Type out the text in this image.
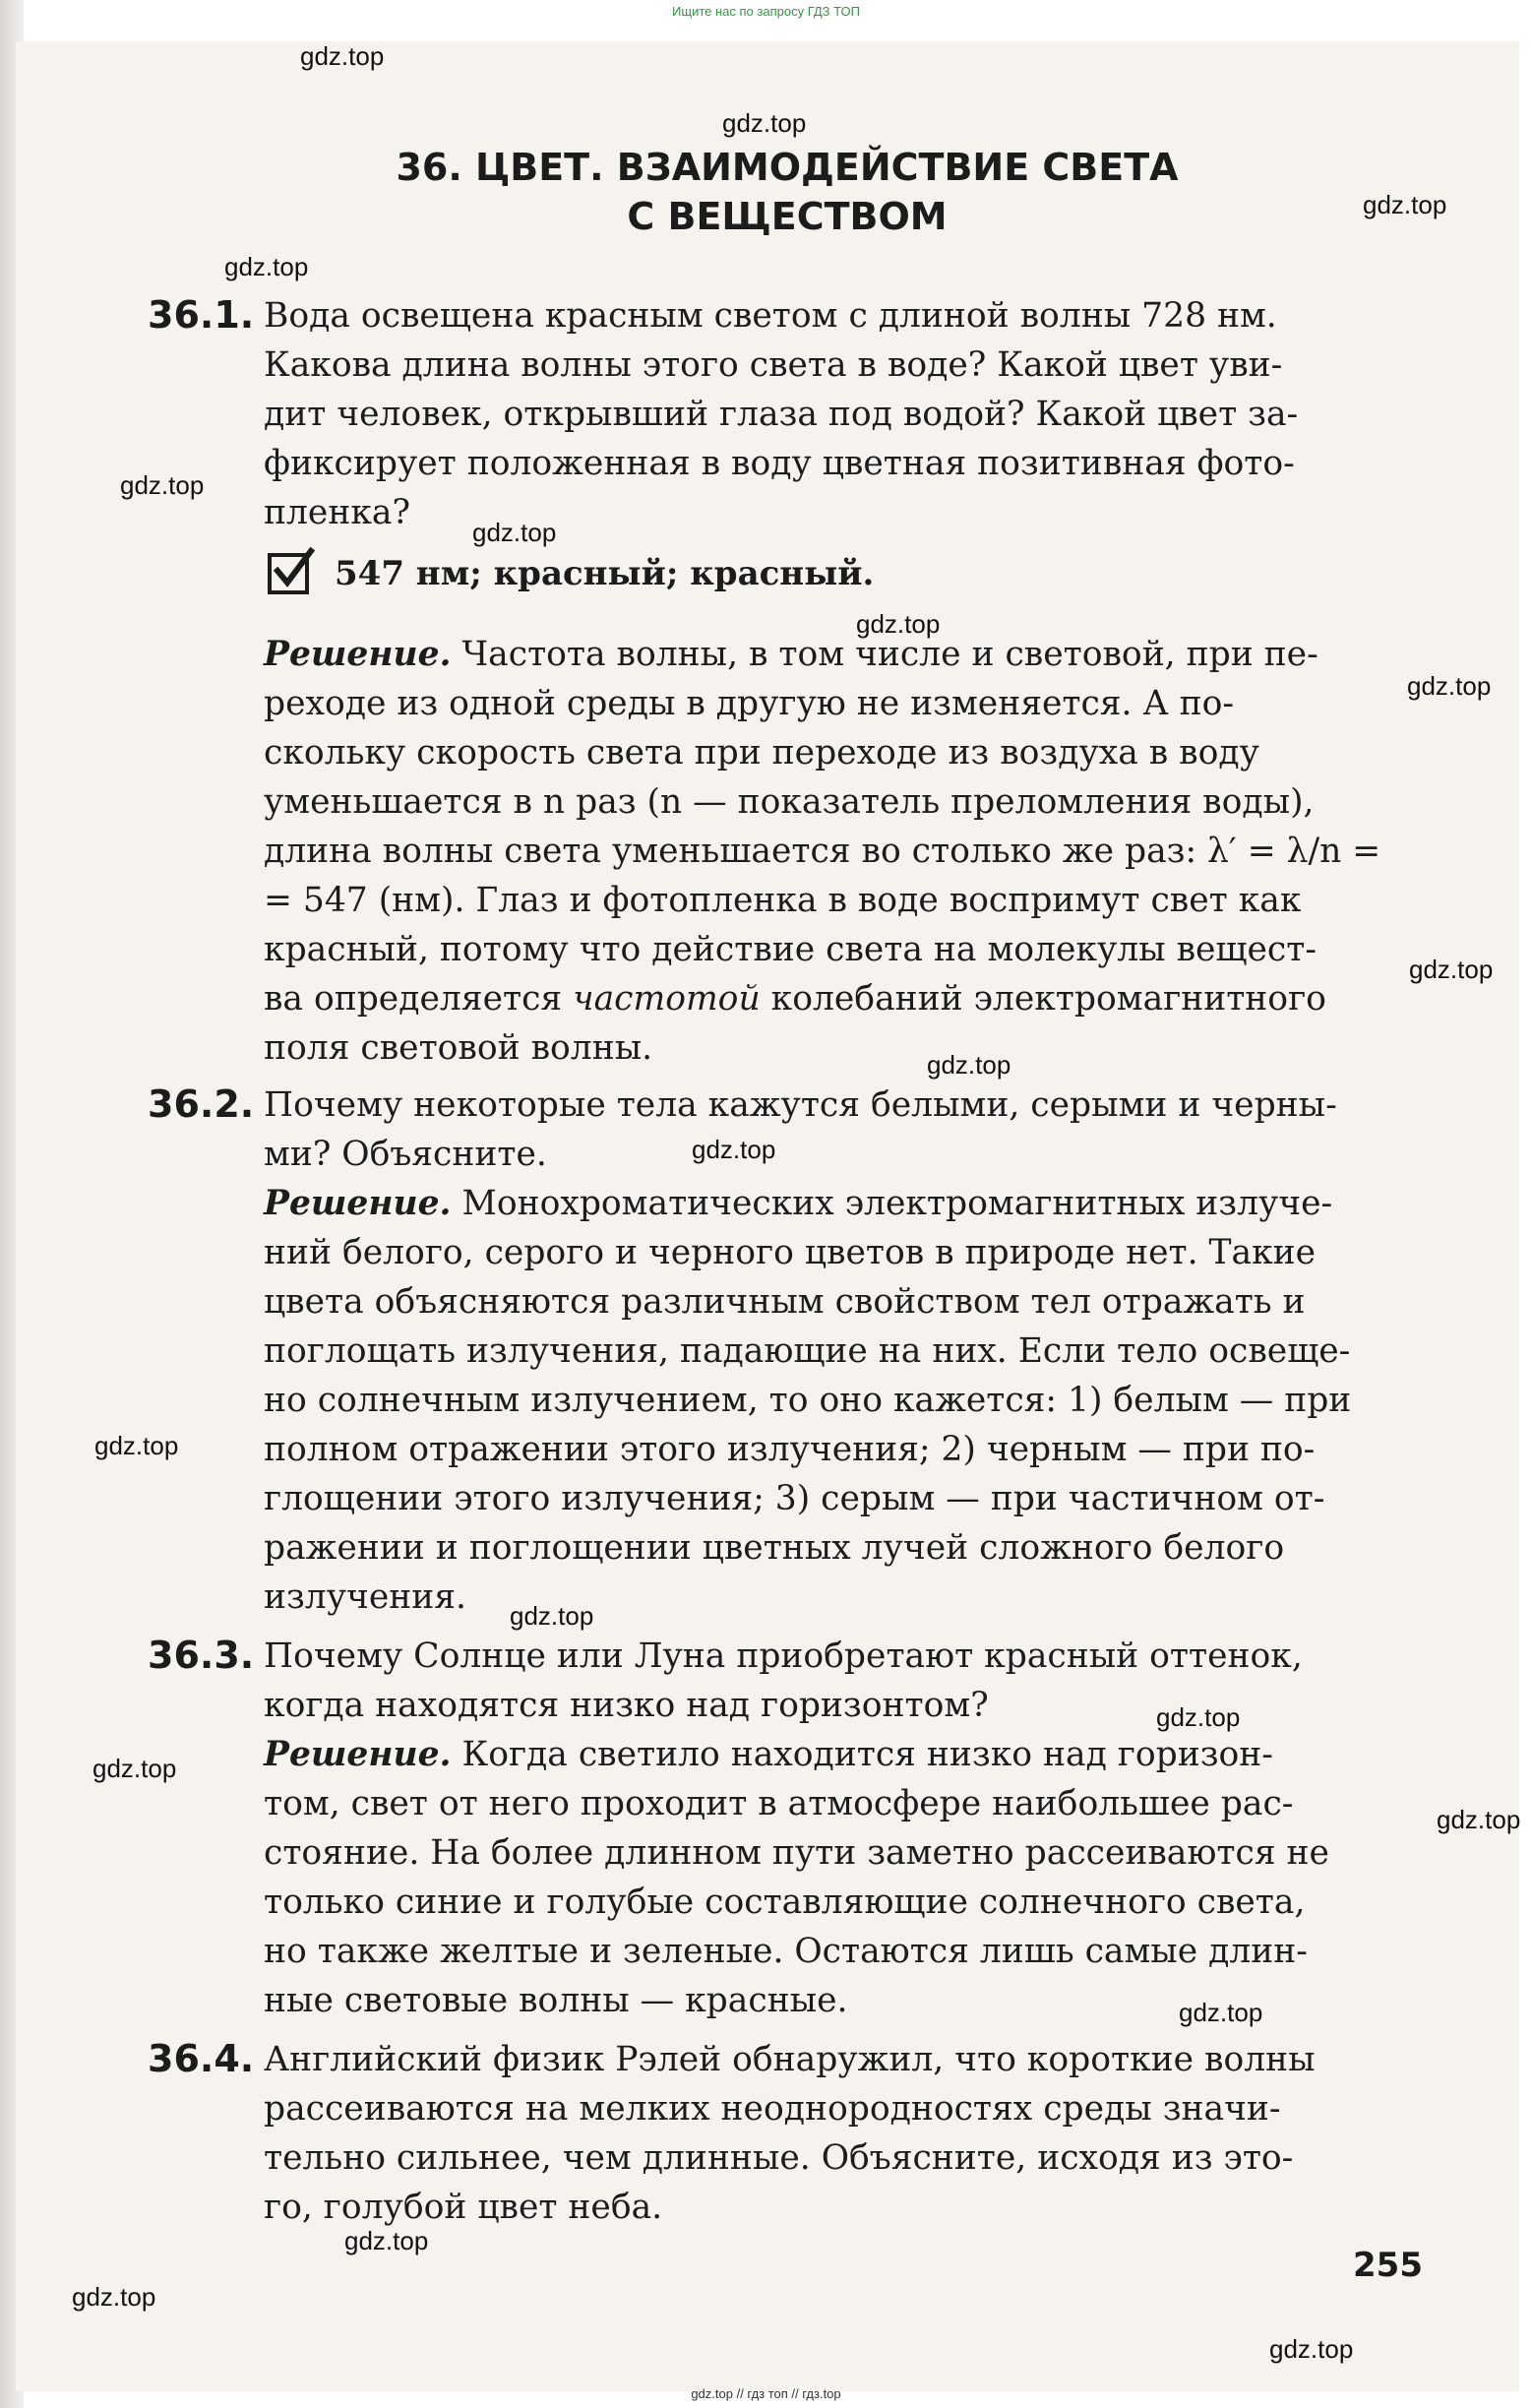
Ищите нас по запросу ГДЗ ТОП
36. ЦВЕТ. ВЗАИМОДЕЙСТВИЕ СВЕТА
С ВЕЩЕСТВОМ
36.1. Вода освещена красным светом с длиной волны 728 нм.
Какова длина волны этого света в воде? Какой цвет уви-
дит человек, открывший глаза под водой? Какой цвет за-
фиксирует положенная в воду цветная позитивная фото-
пленка?
547 нм; красный; красный.
Решение. Частота волны, в том числе и световой, при пе-
реходе из одной среды в другую не изменяется. А по-
скольку скорость света при переходе из воздуха в воду
уменьшается в n раз (n — показатель преломления воды),
длина волны света уменьшается во столько же раз: λ′ = λ/n =
= 547 (нм). Глаз и фотопленка в воде воспримут свет как
красный, потому что действие света на молекулы вещест-
ва определяется частотой колебаний электромагнитного
поля световой волны.
36.2. Почему некоторые тела кажутся белыми, серыми и черны-
ми? Объясните.
Решение. Монохроматических электромагнитных излуче-
ний белого, серого и черного цветов в природе нет. Такие
цвета объясняются различным свойством тел отражать и
поглощать излучения, падающие на них. Если тело освеще-
но солнечным излучением, то оно кажется: 1) белым — при
полном отражении этого излучения; 2) черным — при по-
глощении этого излучения; 3) серым — при частичном от-
ражении и поглощении цветных лучей сложного белого
излучения.
36.3. Почему Солнце или Луна приобретают красный оттенок,
когда находятся низко над горизонтом?
Решение. Когда светило находится низко над горизон-
том, свет от него проходит в атмосфере наибольшее рас-
стояние. На более длинном пути заметно рассеиваются не
только синие и голубые составляющие солнечного света,
но также желтые и зеленые. Остаются лишь самые длин-
ные световые волны — красные.
36.4. Английский физик Рэлей обнаружил, что короткие волны
рассеиваются на мелких неоднородностях среды значи-
тельно сильнее, чем длинные. Объясните, исходя из это-
го, голубой цвет неба.
255
gdz.top
gdz.top
gdz.top
gdz.top
gdz.top
gdz.top
gdz.top
gdz.top
gdz.top
gdz.top
gdz.top
gdz.top
gdz.top
gdz.top
gdz.top
gdz.top
gdz.top
gdz.top
gdz.top
gdz.top
gdz.top // гдз топ // гдз.top
